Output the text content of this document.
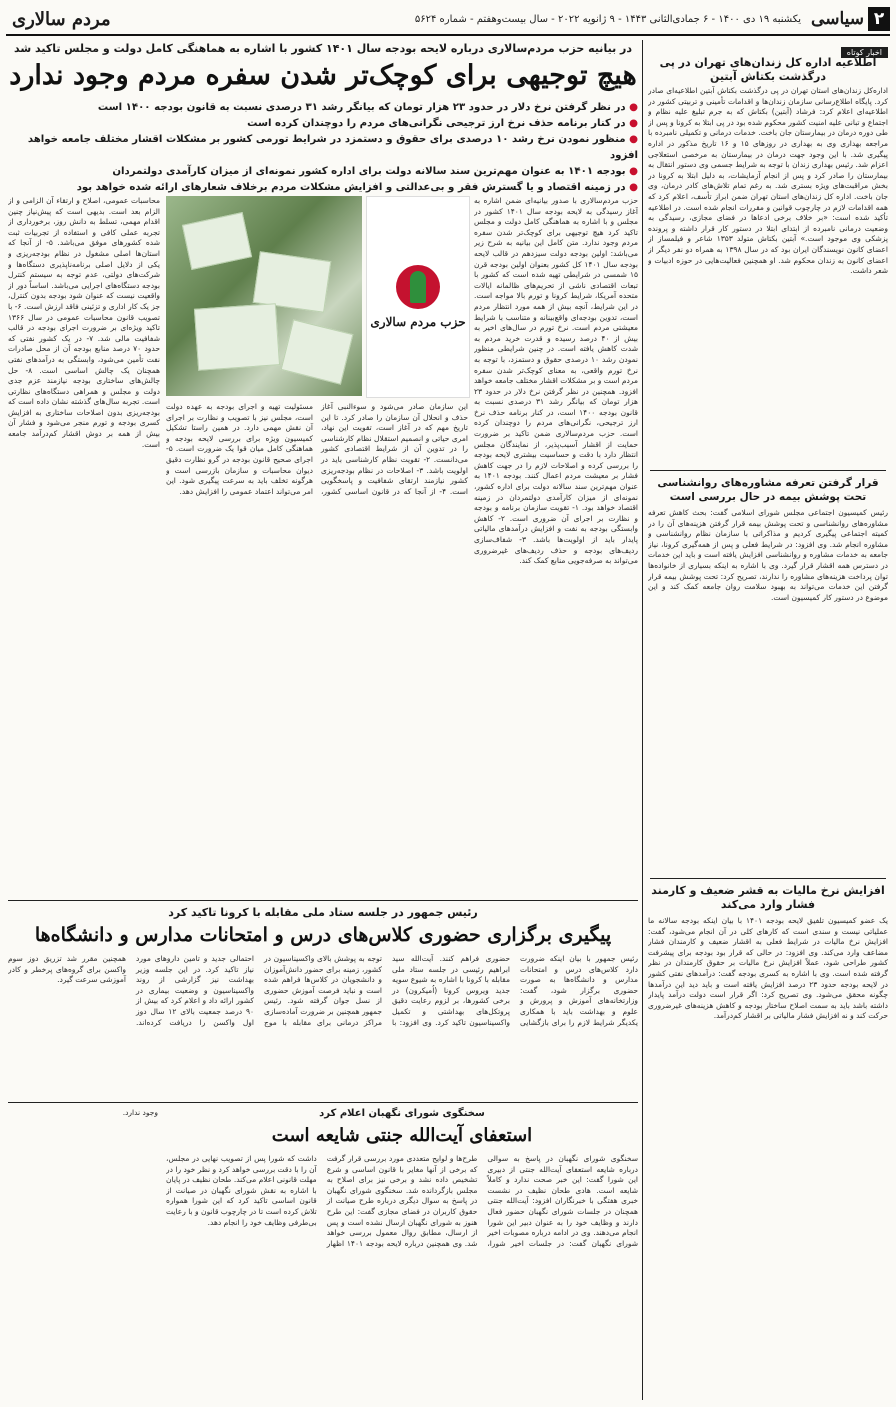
۲
سیاسی
یکشنبه ۱۹ دی ۱۴۰۰ - ۶ جمادی‌الثانی ۱۴۴۳ - ۹ ژانویه ۲۰۲۲ - سال بیست‌وهفتم - شماره ۵۶۲۴
مردم سالاری
اخبار کوتاه
اطلاعیه اداره کل زندان‌های تهران در پی درگذشت بکتاش آبتین
اداره‌کل زندان‌های استان تهران در پی درگذشت بکتاش آبتین اطلاعیه‌ای صادر کرد. پایگاه اطلاع‌رسانی سازمان زندان‌ها و اقدامات تأمینی و تربیتی کشور در اطلاعیه‌ای اعلام کرد: فرشاد (آبتین) بکتاش که به جرم تبلیغ علیه نظام و اجتماع و تبانی علیه امنیت کشور محکوم شده بود در پی ابتلا به کرونا و پس از طی دوره درمان در بیمارستان جان باخت. خدمات درمانی و تکمیلی نامبرده با مراجعه بهداری وی به بهداری در روزهای ۱۵ و ۱۶ تاریخ مذکور در اداره پیگیری شد. با این وجود جهت درمان در بیمارستان به مرخصی استعلاجی اعزام شد. رئیس بهداری زندان با توجه به شرایط جسمی وی دستور انتقال به بیمارستان را صادر کرد و پس از انجام آزمایشات، به دلیل ابتلا به کرونا در بخش مراقبت‌های ویژه بستری شد. به رغم تمام تلاش‌های کادر درمان، وی جان باخت. اداره کل زندان‌های استان تهران ضمن ابراز تأسف، اعلام کرد که همه اقدامات لازم در چارچوب قوانین و مقررات انجام شده است. در اطلاعیه تأکید شده است: «بر خلاف برخی ادعاها در فضای مجازی، رسیدگی به وضعیت درمانی نامبرده از ابتدای ابتلا در دستور کار قرار داشته و پرونده پزشکی وی موجود است.» آبتین بکتاش متولد ۱۳۵۳ شاعر و فیلمساز از اعضای کانون نویسندگان ایران بود که در سال ۱۳۹۸ به همراه دو نفر دیگر از اعضای کانون به زندان محکوم شد. او همچنین فعالیت‌هایی در حوزه ادبیات و شعر داشت.
قرار گرفتن تعرفه مشاوره‌های روانشناسی تحت پوشش بیمه در حال بررسی است
رئیس کمیسیون اجتماعی مجلس شورای اسلامی گفت: بحث کاهش تعرفه مشاوره‌های روانشناسی و تحت پوشش بیمه قرار گرفتن هزینه‌های آن را در کمیته اجتماعی پیگیری کردیم و مذاکراتی با سازمان نظام روانشناسی و مشاوره انجام شد. وی افزود: در شرایط فعلی و پس از همه‌گیری کرونا، نیاز جامعه به خدمات مشاوره و روانشناسی افزایش یافته است و باید این خدمات در دسترس همه اقشار قرار گیرد. وی با اشاره به اینکه بسیاری از خانواده‌ها توان پرداخت هزینه‌های مشاوره را ندارند، تصریح کرد: تحت پوشش بیمه قرار گرفتن این خدمات می‌تواند به بهبود سلامت روان جامعه کمک کند و این موضوع در دستور کار کمیسیون است.
افزایش نرخ مالیات به قشر ضعیف و کارمند فشار وارد می‌کند
یک عضو کمیسیون تلفیق لایحه بودجه ۱۴۰۱ با بیان اینکه بودجه سالانه ما عملیاتی نیست و سندی است که کارهای کلی در آن انجام می‌شود، گفت: افزایش نرخ مالیات در شرایط فعلی به اقشار ضعیف و کارمندان فشار مضاعف وارد می‌کند. وی افزود: در حالی که قرار بود بودجه برای پیشرفت کشور طراحی شود، عملاً افزایش نرخ مالیات بر حقوق کارمندان در نظر گرفته شده است. وی با اشاره به کسری بودجه گفت: درآمدهای نفتی کشور در لایحه بودجه حدود ۲۳ درصد افزایش یافته است و باید دید این درآمدها چگونه محقق می‌شود. وی تصریح کرد: اگر قرار است دولت درآمد پایدار داشته باشد باید به سمت اصلاح ساختار بودجه و کاهش هزینه‌های غیرضروری حرکت کند و نه افزایش فشار مالیاتی بر اقشار کم‌درآمد.
در بیانیه حزب مردم‌سالاری درباره لایحه بودجه سال ۱۴۰۱ کشور با اشاره به هماهنگی کامل دولت و مجلس تاکید شد
هیچ توجیهی برای کوچک‌تر شدن سفره مردم وجود ندارد
● در نظر گرفتن نرخ دلار در حدود ۲۳ هزار تومان که بیانگر رشد ۳۱ درصدی نسبت به قانون بودجه ۱۴۰۰ است
● در کنار برنامه حذف نرخ ارز ترجیحی نگرانی‌های مردم را دوچندان کرده است
● منظور نمودن نرخ رشد ۱۰ درصدی برای حقوق و دستمزد در شرایط تورمی کشور بر مشکلات اقشار مختلف جامعه خواهد افزود
● بودجه ۱۴۰۱ به عنوان مهم‌ترین سند سالانه دولت برای اداره کشور نمونه‌ای از میزان کارآمدی دولتمردان
● در زمینه اقتصاد و یا گسترش فقر و بی‌عدالتی و افزایش مشکلات مردم برخلاف شعارهای ارائه شده خواهد بود
حزب مردم‌سالاری با صدور بیانیه‌ای ضمن اشاره به آغاز رسیدگی به لایحه بودجه سال ۱۴۰۱ کشور در مجلس و با اشاره به هماهنگی کامل دولت و مجلس تاکید کرد هیچ توجیهی برای کوچک‌تر شدن سفره مردم وجود ندارد. متن کامل این بیانیه به شرح زیر می‌باشد: اولین بودجه دولت سیزدهم در قالب لایحه بودجه سال ۱۴۰۱ کل کشور بعنوان اولین بودجه قرن ۱۵ شمسی در شرایطی تهیه شده است که کشور با تبعات اقتصادی ناشی از تحریم‌های ظالمانه ایالات متحده آمریکا، شرایط کرونا و تورم بالا مواجه است. در این شرایط، آنچه بیش از همه مورد انتظار مردم است، تدوین بودجه‌ای واقع‌بینانه و متناسب با شرایط معیشتی مردم است. نرخ تورم در سال‌های اخیر به بیش از ۴۰ درصد رسیده و قدرت خرید مردم به شدت کاهش یافته است. در چنین شرایطی منظور نمودن رشد ۱۰ درصدی حقوق و دستمزد، با توجه به نرخ تورم واقعی، به معنای کوچک‌تر شدن سفره مردم است و بر مشکلات اقشار مختلف جامعه خواهد افزود. همچنین در نظر گرفتن نرخ دلار در حدود ۲۳ هزار تومان که بیانگر رشد ۳۱ درصدی نسبت به قانون بودجه ۱۴۰۰ است، در کنار برنامه حذف نرخ ارز ترجیحی، نگرانی‌های مردم را دوچندان کرده است. حزب مردم‌سالاری ضمن تاکید بر ضرورت حمایت از اقشار آسیب‌پذیر، از نمایندگان مجلس انتظار دارد با دقت و حساسیت بیشتری لایحه بودجه را بررسی کرده و اصلاحات لازم را در جهت کاهش فشار بر معیشت مردم اعمال کنند. بودجه ۱۴۰۱ به عنوان مهم‌ترین سند سالانه دولت برای اداره کشور، نمونه‌ای از میزان کارآمدی دولتمردان در زمینه اقتصاد خواهد بود. ۱- تقویت سازمان برنامه و بودجه و نظارت بر اجرای آن ضروری است. ۲- کاهش وابستگی بودجه به نفت و افزایش درآمدهای مالیاتی پایدار باید از اولویت‌ها باشد. ۳- شفاف‌سازی ردیف‌های بودجه و حذف ردیف‌های غیرضروری می‌تواند به صرفه‌جویی منابع کمک کند.
این سازمان صادر می‌شود و سوءالنبی آغاز حذف و انحلال آن سازمان را صادر کرد. تا این تاریخ مهم که در آغاز است، تقویت این نهاد، امری حیاتی و انصمیم استقلال نظام کارشناسی را در تدوین آن از شرایط اقتصادی کشور می‌دانست. ۲- تقویت نظام کارشناسی باید در اولویت باشد. ۳- اصلاحات در نظام بودجه‌ریزی کشور نیازمند ارتقای شفافیت و پاسخگویی است. ۴- از آنجا که در قانون اساسی کشور، مسئولیت تهیه و اجرای بودجه به عهده دولت است، مجلس نیز با تصویب و نظارت بر اجرای آن نقش مهمی دارد. در همین راستا تشکیل کمیسیون ویژه برای بررسی لایحه بودجه و هماهنگی کامل میان قوا یک ضرورت است. ۵- اجرای صحیح قانون بودجه در گرو نظارت دقیق دیوان محاسبات و سازمان بازرسی است و هرگونه تخلف باید به سرعت پیگیری شود. این امر می‌تواند اعتماد عمومی را افزایش دهد.
محاسبات عمومی، اصلاح و ارتقاء آن الزامی و از الزام بعد است. بدیهی است که پیش‌نیاز چنین اقدام مهمی، تسلط به دانش روز، برخورداری از تجربه عملی کافی و استفاده از تجربیات ثبت شده کشورهای موفق می‌باشد. ۵- از آنجا که استان‌ها اصلی مشغول در نظام بودجه‌ریزی و یکی از دلایل اصلی برنامه‌ناپذیری دستگاه‌ها و شرکت‌های دولتی، عدم توجه به سیستم کنترل بودجه دستگاه‌های اجرایی می‌باشد. اساساً دور از واقعیت نیست که عنوان شود بودجه بدون کنترل، جز یک کار اداری و تزئینی فاقد ارزش است. ۶- با تصویب قانون محاسبات عمومی در سال ۱۳۶۶ تاکید ویژه‌ای بر ضرورت اجرای بودجه در قالب شفافیت مالی شد. ۷- در یک کشور نفتی که حدود ۷۰ درصد منابع بودجه آن از محل صادرات نفت تأمین می‌شود، وابستگی به درآمدهای نفتی همچنان یک چالش اساسی است. ۸- حل چالش‌های ساختاری بودجه نیازمند عزم جدی دولت و مجلس و همراهی دستگاه‌های نظارتی است. تجربه سال‌های گذشته نشان داده است که بودجه‌ریزی بدون اصلاحات ساختاری به افزایش کسری بودجه و تورم منجر می‌شود و فشار آن بیش از همه بر دوش اقشار کم‌درآمد جامعه است.
حزب مردم سالاری
رئیس جمهور در جلسه ستاد ملی مقابله با کرونا تاکید کرد
پیگیری برگزاری حضوری کلاس‌های درس و امتحانات مدارس و دانشگاه‌ها
رئیس جمهور با بیان اینکه ضرورت دارد کلاس‌های درس و امتحانات مدارس و دانشگاه‌ها به صورت حضوری برگزار شود، گفت: وزارتخانه‌های آموزش و پرورش و علوم و بهداشت باید با همکاری یکدیگر شرایط لازم را برای بازگشایی حضوری فراهم کنند. آیت‌الله سید ابراهیم رئیسی در جلسه ستاد ملی مقابله با کرونا با اشاره به شیوع سویه جدید ویروس کرونا (اُمیکرون) در برخی کشورها، بر لزوم رعایت دقیق پروتکل‌های بهداشتی و تکمیل واکسیناسیون تاکید کرد. وی افزود: با توجه به پوشش بالای واکسیناسیون در کشور، زمینه برای حضور دانش‌آموزان و دانشجویان در کلاس‌ها فراهم شده است و نباید فرصت آموزش حضوری از نسل جوان گرفته شود. رئیس جمهور همچنین بر ضرورت آماده‌سازی مراکز درمانی برای مقابله با موج احتمالی جدید و تامین داروهای مورد نیاز تاکید کرد. در این جلسه وزیر بهداشت نیز گزارشی از روند واکسیناسیون و وضعیت بیماری در کشور ارائه داد و اعلام کرد که بیش از ۹۰ درصد جمعیت بالای ۱۲ سال دوز اول واکسن را دریافت کرده‌اند. همچنین مقرر شد تزریق دوز سوم واکسن برای گروه‌های پرخطر و کادر آموزشی سرعت گیرد.
وجود ندارد.	سخنگوی شورای نگهبان اعلام کرد
استعفای آیت‌الله جنتی شایعه است
سخنگوی شورای نگهبان در پاسخ به سوالی درباره شایعه استعفای آیت‌الله جنتی از دبیری این شورا گفت: این خبر صحت ندارد و کاملاً شایعه است. هادی طحان نظیف در نشست خبری هفتگی با خبرنگاران افزود: آیت‌الله جنتی همچنان در جلسات شورای نگهبان حضور فعال دارند و وظایف خود را به عنوان دبیر این شورا انجام می‌دهند. وی در ادامه درباره مصوبات اخیر شورای نگهبان گفت: در جلسات اخیر شورا، طرح‌ها و لوایح متعددی مورد بررسی قرار گرفت که برخی از آنها مغایر با قانون اساسی و شرع تشخیص داده نشد و برخی نیز برای اصلاح به مجلس بازگردانده شد. سخنگوی شورای نگهبان در پاسخ به سوال دیگری درباره طرح صیانت از حقوق کاربران در فضای مجازی گفت: این طرح هنوز به شورای نگهبان ارسال نشده است و پس از ارسال، مطابق روال معمول بررسی خواهد شد. وی همچنین درباره لایحه بودجه ۱۴۰۱ اظهار داشت که شورا پس از تصویب نهایی در مجلس، آن را با دقت بررسی خواهد کرد و نظر خود را در مهلت قانونی اعلام می‌کند. طحان نظیف در پایان با اشاره به نقش شورای نگهبان در صیانت از قانون اساسی تاکید کرد که این شورا همواره تلاش کرده است تا در چارچوب قانون و با رعایت بی‌طرفی وظایف خود را انجام دهد.
